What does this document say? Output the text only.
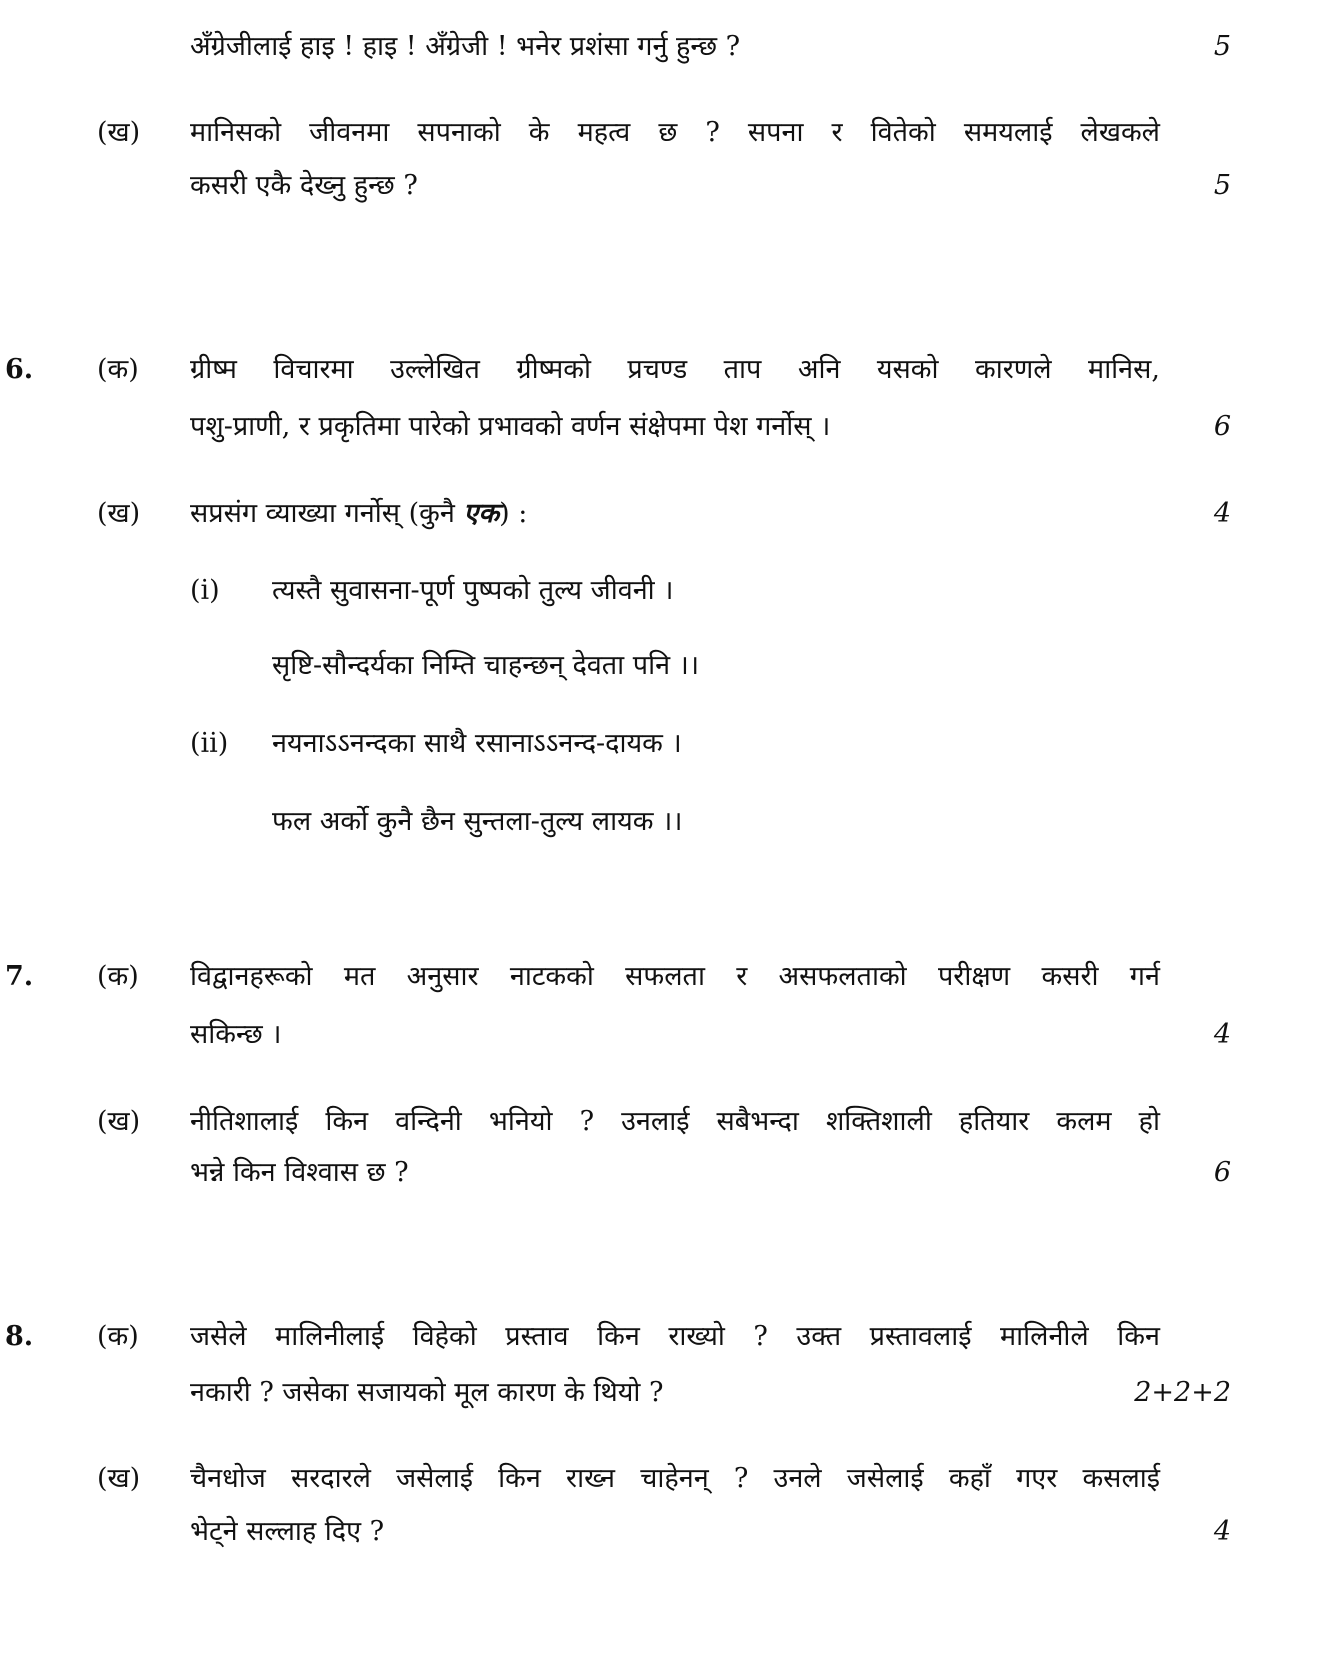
अँग्रेजीलाई हाइ ! हाइ ! अँग्रेजी ! भनेर प्रशंसा गर्नु हुन्छ ?	5
(ख) मानिसको जीवनमा सपनाको के महत्व छ ? सपना र वितेको समयलाई लेखकले
कसरी एकै देख्नु हुन्छ ?	5
6. (क) ग्रीष्म विचारमा उल्लेखित ग्रीष्मको प्रचण्ड ताप अनि यसको कारणले मानिस,
पशु-प्राणी, र प्रकृतिमा पारेको प्रभावको वर्णन संक्षेपमा पेश गर्नोस् ।	6
(ख) सप्रसंग व्याख्या गर्नोस् (कुनै एक) :	4
(i) त्यस्तै सुवासना-पूर्ण पुष्पको तुल्य जीवनी ।
सृष्टि-सौन्दर्यका निम्ति चाहन्छन् देवता पनि ।।
(ii) नयनाऽऽनन्दका साथै रसानाऽऽनन्द-दायक ।
फल अर्को कुनै छैन सुन्तला-तुल्य लायक ।।
7. (क) विद्वानहरूको मत अनुसार नाटकको सफलता र असफलताको परीक्षण कसरी गर्न
सकिन्छ ।	4
(ख) नीतिशालाई किन वन्दिनी भनियो ? उनलाई सबैभन्दा शक्तिशाली हतियार कलम हो
भन्ने किन विश्वास छ ?	6
8. (क) जसेले मालिनीलाई विहेको प्रस्ताव किन राख्यो ? उक्त प्रस्तावलाई मालिनीले किन
नकारी ? जसेका सजायको मूल कारण के थियो ?	2+2+2
(ख) चैनधोज सरदारले जसेलाई किन राख्न चाहेनन् ? उनले जसेलाई कहाँ गएर कसलाई
भेट्ने सल्लाह दिए ?	4
